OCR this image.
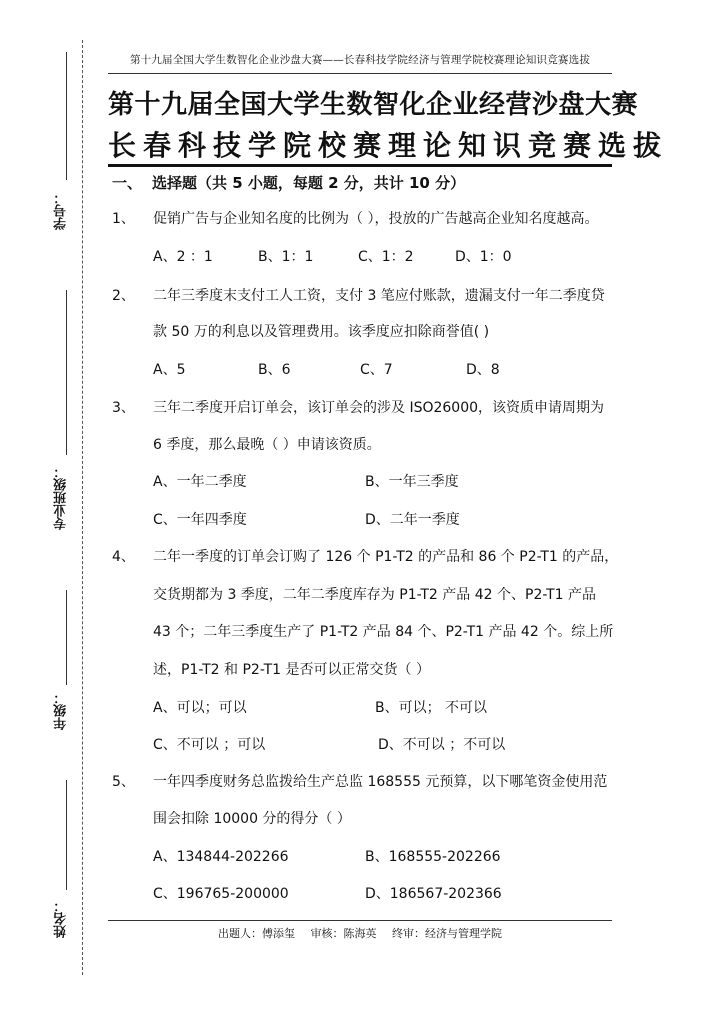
学号：
专业班级：
年级：
姓名：
第十九届全国大学生数智化企业沙盘大赛——长春科技学院经济与管理学院校赛理论知识竞赛选拔
第十九届全国大学生数智化企业经营沙盘大赛
长春科技学院校赛理论知识竞赛选拔
一、 选择题（共 5 小题，每题 2 分，共计 10 分）
1、 促销广告与企业知名度的比例为（ ），投放的广告越高企业知名度越高。
A、2 ：1	B、1：1	C、1：2	D、1：0
2、 二年三季度末支付工人工资，支付 3 笔应付账款，遗漏支付一年二季度贷
款 50 万的利息以及管理费用。该季度应扣除商誉值( )
A、5	B、6	C、7	D、8
3、 三年二季度开启订单会，该订单会的涉及 ISO26000，该资质申请周期为
6 季度，那么最晚（ ）申请该资质。
A、一年二季度	B、一年三季度
C、一年四季度	D、二年一季度
4、 二年一季度的订单会订购了 126 个 P1-T2 的产品和 86 个 P2-T1 的产品，
交货期都为 3 季度，二年二季度库存为 P1-T2 产品 42 个、P2-T1 产品
43 个；二年三季度生产了 P1-T2 产品 84 个、P2-T1 产品 42 个。综上所
述，P1-T2 和 P2-T1 是否可以正常交货（ ）
A、可以；可以	B、可以； 不可以
C、不可以 ；可以	D、不可以 ；不可以
5、 一年四季度财务总监拨给生产总监 168555 元预算，以下哪笔资金使用范
围会扣除 10000 分的得分（ ）
A、134844-202266	B、168555-202266
C、196765-200000	D、186567-202366
出题人：傅添玺 审核：陈海英 终审：经济与管理学院
